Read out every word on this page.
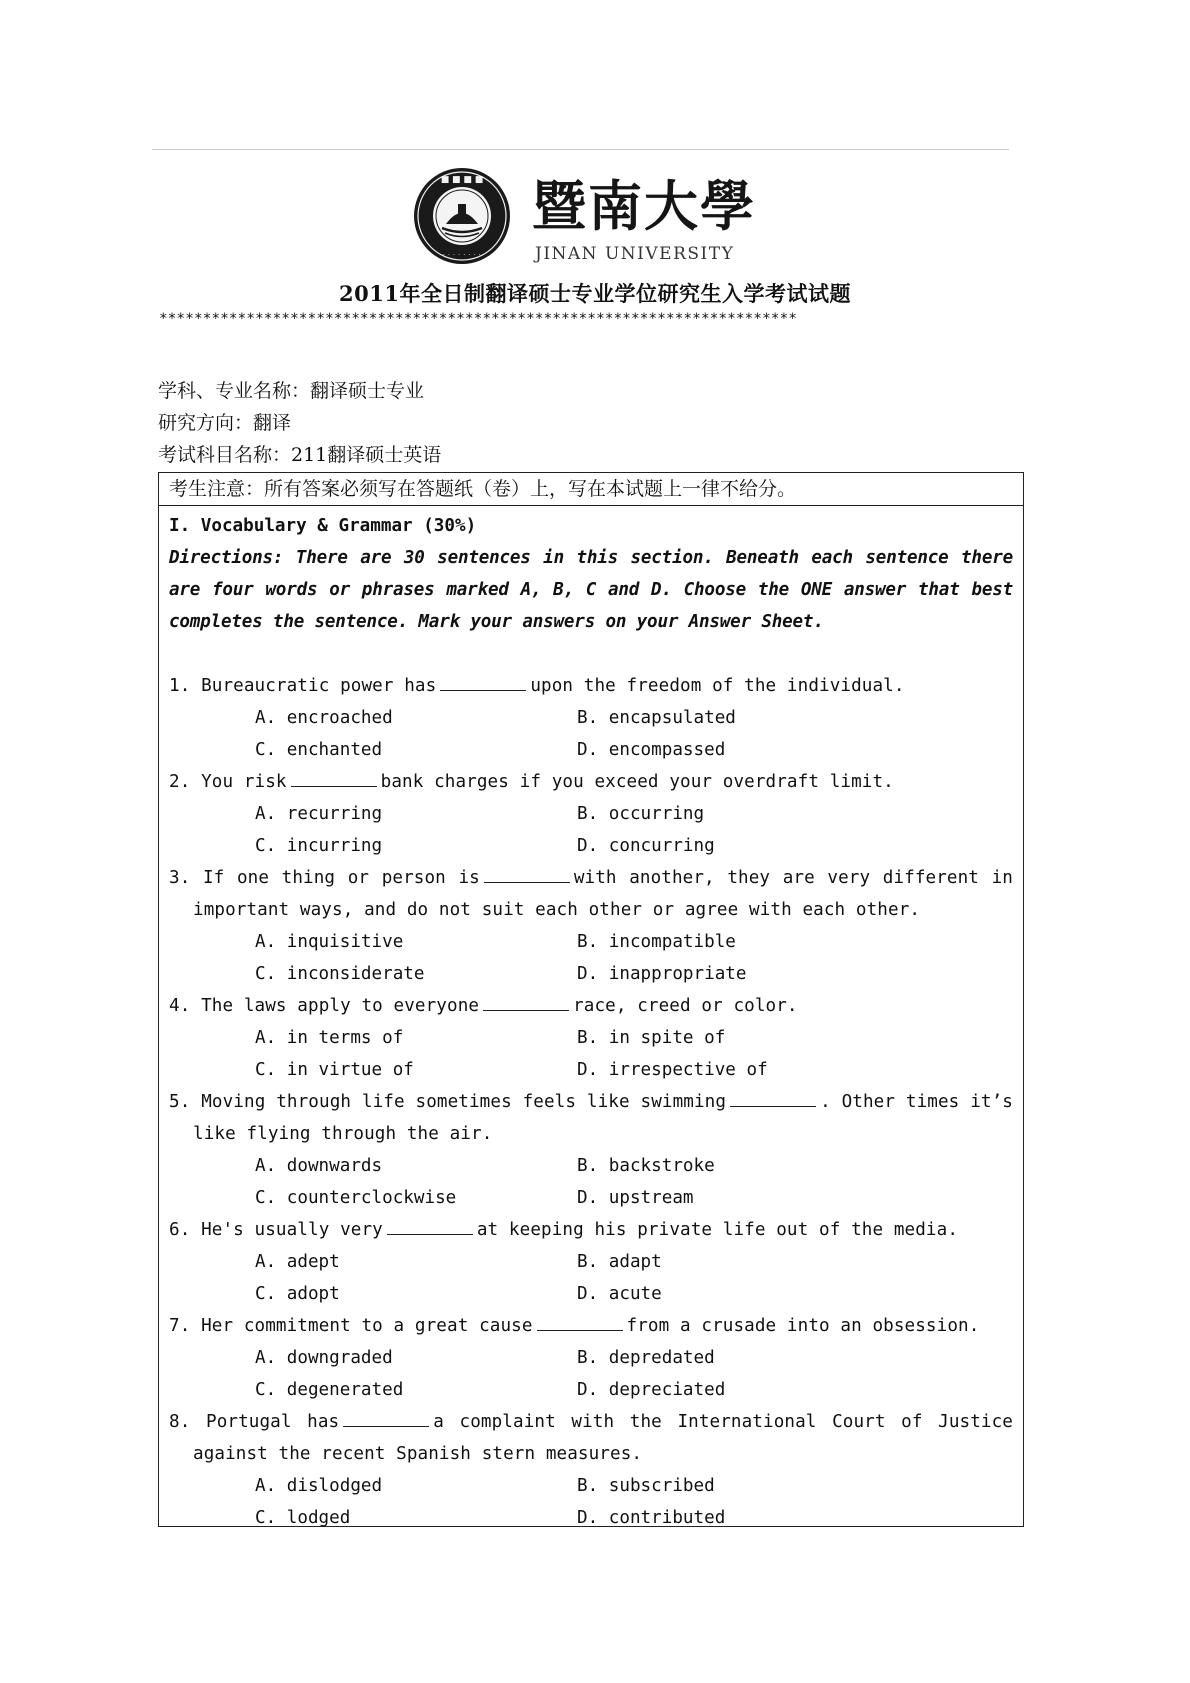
■ ■ ■ ■
· · · · · · · ·
暨南大學
JINAN UNIVERSITY
2011年全日制翻译硕士专业学位研究生入学考试试题
*************************************************************************
学科、专业名称：翻译硕士专业
研究方向：翻译
考试科目名称：211翻译硕士英语
考生注意：所有答案必须写在答题纸（卷）上，写在本试题上一律不给分。
I. Vocabulary & Grammar (30%)
Directions: There are 30 sentences in this section. Beneath each sentence there are four words or phrases marked A, B, C and D. Choose the ONE answer that best completes the sentence. Mark your answers on your Answer Sheet.
1. Bureaucratic power has	upon the freedom of the individual.
A. encroached	B. encapsulated
C. enchanted	D. encompassed
2. You risk	bank charges if you exceed your overdraft limit.
A. recurring	B. occurring
C. incurring	D. concurring
3. If one thing or person is	with another, they are very different in important ways, and do not suit each other or agree with each other.
A. inquisitive	B. incompatible
C. inconsiderate	D. inappropriate
4. The laws apply to everyone	race, creed or color.
A. in terms of	B. in spite of
C. in virtue of	D. irrespective of
5. Moving through life sometimes feels like swimming	. Other times it’s like flying through the air.
A. downwards	B. backstroke
C. counterclockwise	D. upstream
6. He's usually very	at keeping his private life out of the media.
A. adept	B. adapt
C. adopt	D. acute
7. Her commitment to a great cause	from a crusade into an obsession.
A. downgraded	B. depredated
C. degenerated	D. depreciated
8. Portugal has	a complaint with the International Court of Justice against the recent Spanish stern measures.
A. dislodged	B. subscribed
C. lodged	D. contributed
